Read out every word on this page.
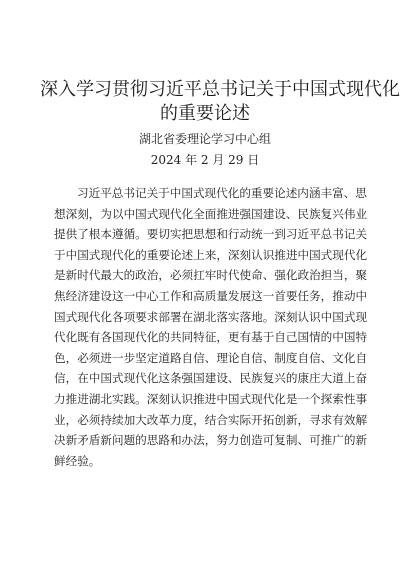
深入学习贯彻习近平总书记关于中国式现代化
的重要论述
湖北省委理论学习中心组
2024 年 2 月 29 日
习近平总书记关于中国式现代化的重要论述内涵丰富、思
想深刻，为以中国式现代化全面推进强国建设、民族复兴伟业
提供了根本遵循。要切实把思想和行动统一到习近平总书记关
于中国式现代化的重要论述上来，深刻认识推进中国式现代化
是新时代最大的政治，必须扛牢时代使命、强化政治担当，聚
焦经济建设这一中心工作和高质量发展这一首要任务，推动中
国式现代化各项要求部署在湖北落实落地。深刻认识中国式现
代化既有各国现代化的共同特征，更有基于自己国情的中国特
色，必须进一步坚定道路自信、理论自信、制度自信、文化自
信，在中国式现代化这条强国建设、民族复兴的康庄大道上奋
力推进湖北实践。深刻认识推进中国式现代化是一个探索性事
业，必须持续加大改革力度，结合实际开拓创新，寻求有效解
决新矛盾新问题的思路和办法，努力创造可复制、可推广的新
鲜经验。
